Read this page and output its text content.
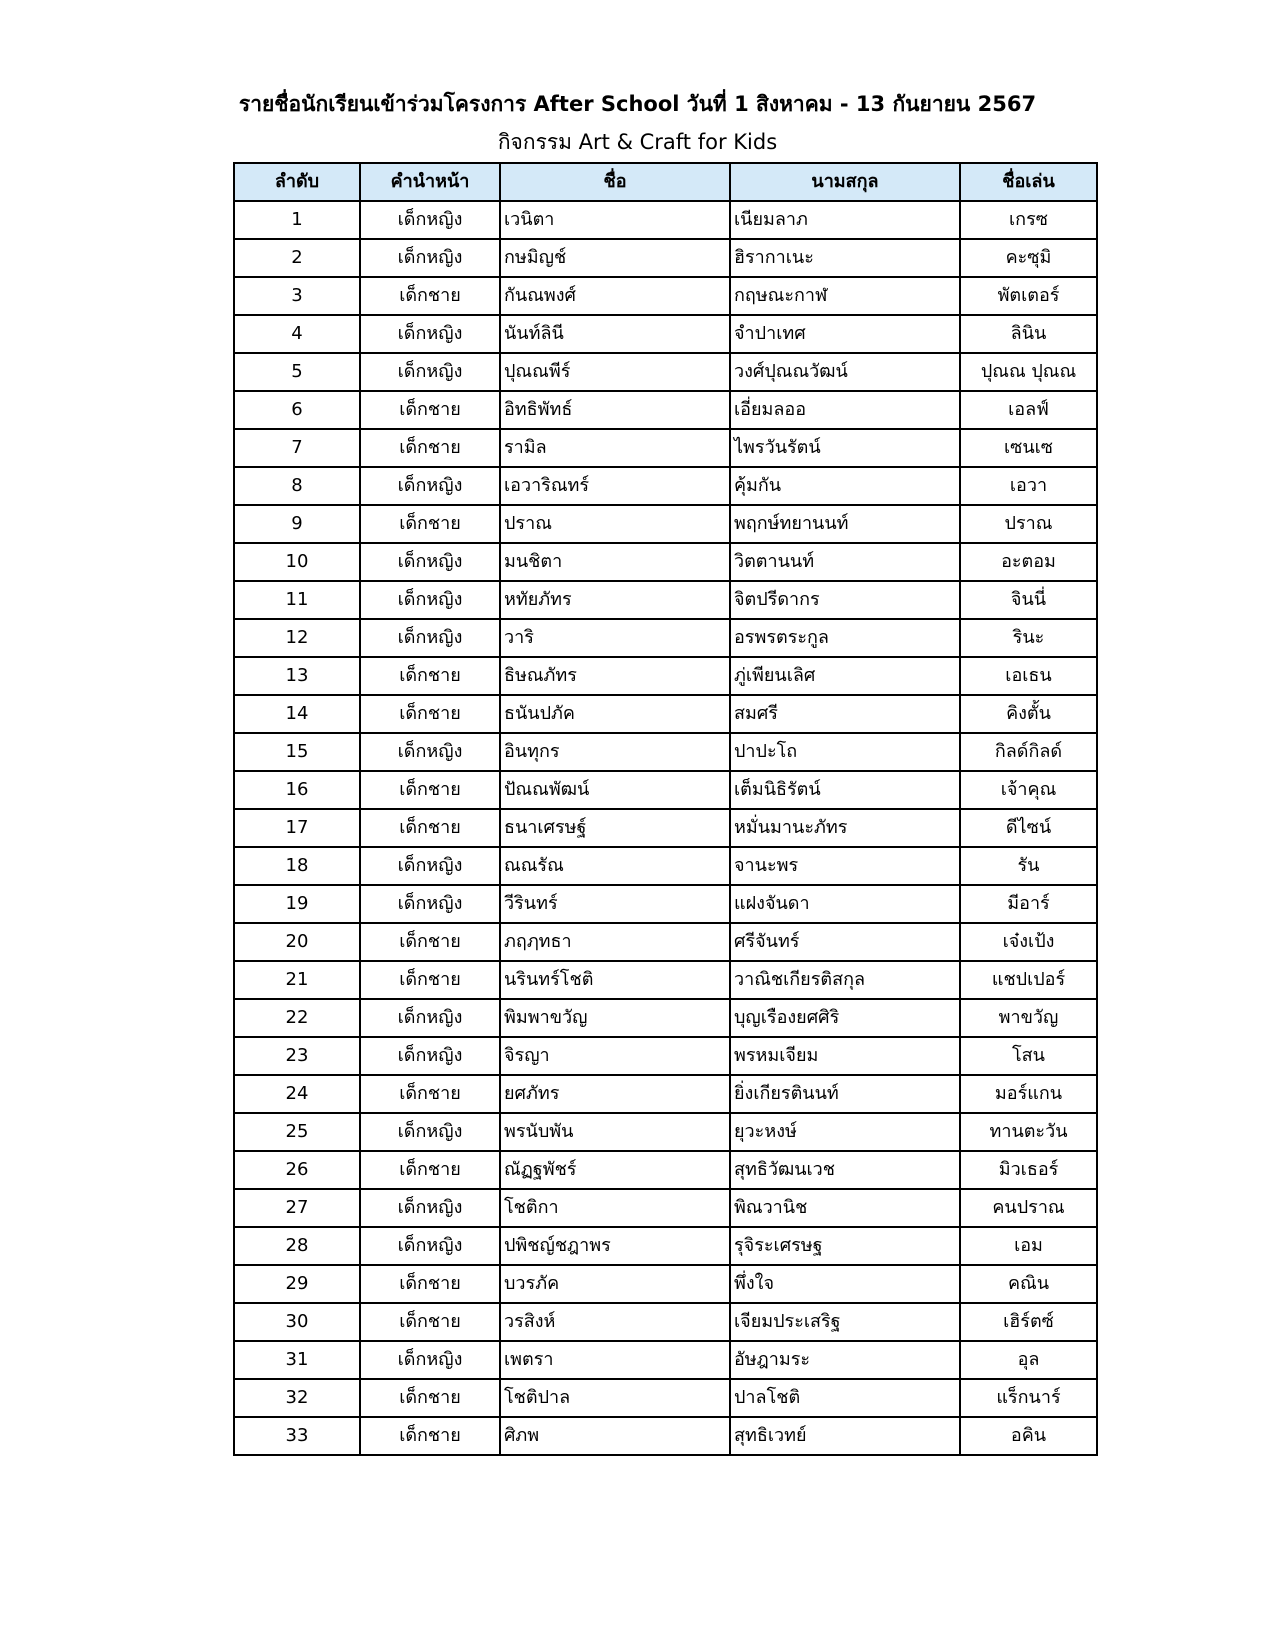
รายชื่อนักเรียนเข้าร่วมโครงการ After School วันที่ 1 สิงหาคม - 13 กันยายน 2567
กิจกรรม Art & Craft for Kids
ลำดับ	คำนำหน้า	ชื่อ	นามสกุล	ชื่อเล่น
1	เด็กหญิง	เวนิตา	เนียมลาภ	เกรซ
2	เด็กหญิง	กษมิญช์	ฮิรากาเนะ	คะซุมิ
3	เด็กชาย	กันณพงศ์	กฤษณะกาฬ	พัตเตอร์
4	เด็กหญิง	นันท์ลินี	จำปาเทศ	ลินิน
5	เด็กหญิง	ปุณณพีร์	วงศ์ปุณณวัฒน์	ปุณณ ปุณณ
6	เด็กชาย	อิทธิพัทธ์	เอี่ยมลออ	เอลฟ์
7	เด็กชาย	รามิล	ไพรวันรัตน์	เซนเซ
8	เด็กหญิง	เอวาริณทร์	คุ้มกัน	เอวา
9	เด็กชาย	ปราณ	พฤกษ์ทยานนท์	ปราณ
10	เด็กหญิง	มนชิตา	วิตตานนท์	อะตอม
11	เด็กหญิง	หทัยภัทร	จิตปรีดากร	จินนี่
12	เด็กหญิง	วาริ	อรพรตระกูล	รินะ
13	เด็กชาย	ธิษณภัทร	ภู่เพียนเลิศ	เอเธน
14	เด็กชาย	ธนันปภัค	สมศรี	คิงตั้น
15	เด็กหญิง	อินทุกร	ปาปะโถ	กิลด์กิลด์
16	เด็กชาย	ปัณณพัฒน์	เต็มนิธิรัตน์	เจ้าคุณ
17	เด็กชาย	ธนาเศรษฐ์	หมั่นมานะภัทร	ดีไซน์
18	เด็กหญิง	ณณรัณ	จานะพร	รัน
19	เด็กหญิง	วีรินทร์	แฝงจันดา	มีอาร์
20	เด็กชาย	ภฤฦทธา	ศรีจันทร์	เจ๋งเป้ง
21	เด็กชาย	นรินทร์โชติ	วาณิชเกียรติสกุล	แชปเปอร์
22	เด็กหญิง	พิมพาขวัญ	บุญเรืองยศศิริ	พาขวัญ
23	เด็กหญิง	จิรญา	พรหมเจียม	โสน
24	เด็กชาย	ยศภัทร	ยิ่งเกียรตินนท์	มอร์แกน
25	เด็กหญิง	พรนับพัน	ยุวะหงษ์	ทานตะวัน
26	เด็กชาย	ณัฏฐพัชร์	สุทธิวัฒนเวช	มิวเธอร์
27	เด็กหญิง	โชติกา	พิณวานิช	คนปราณ
28	เด็กหญิง	ปพิชญ์ชฎาพร	รุจิระเศรษฐ	เอม
29	เด็กชาย	บวรภัค	พึ่งใจ	คณิน
30	เด็กชาย	วรสิงห์	เจียมประเสริฐ	เฮิร์ตซ์
31	เด็กหญิง	เพตรา	อัษฎามระ	อุล
32	เด็กชาย	โชติปาล	ปาลโชติ	แร็กนาร์
33	เด็กชาย	ศิภพ	สุทธิเวทย์	อคิน
